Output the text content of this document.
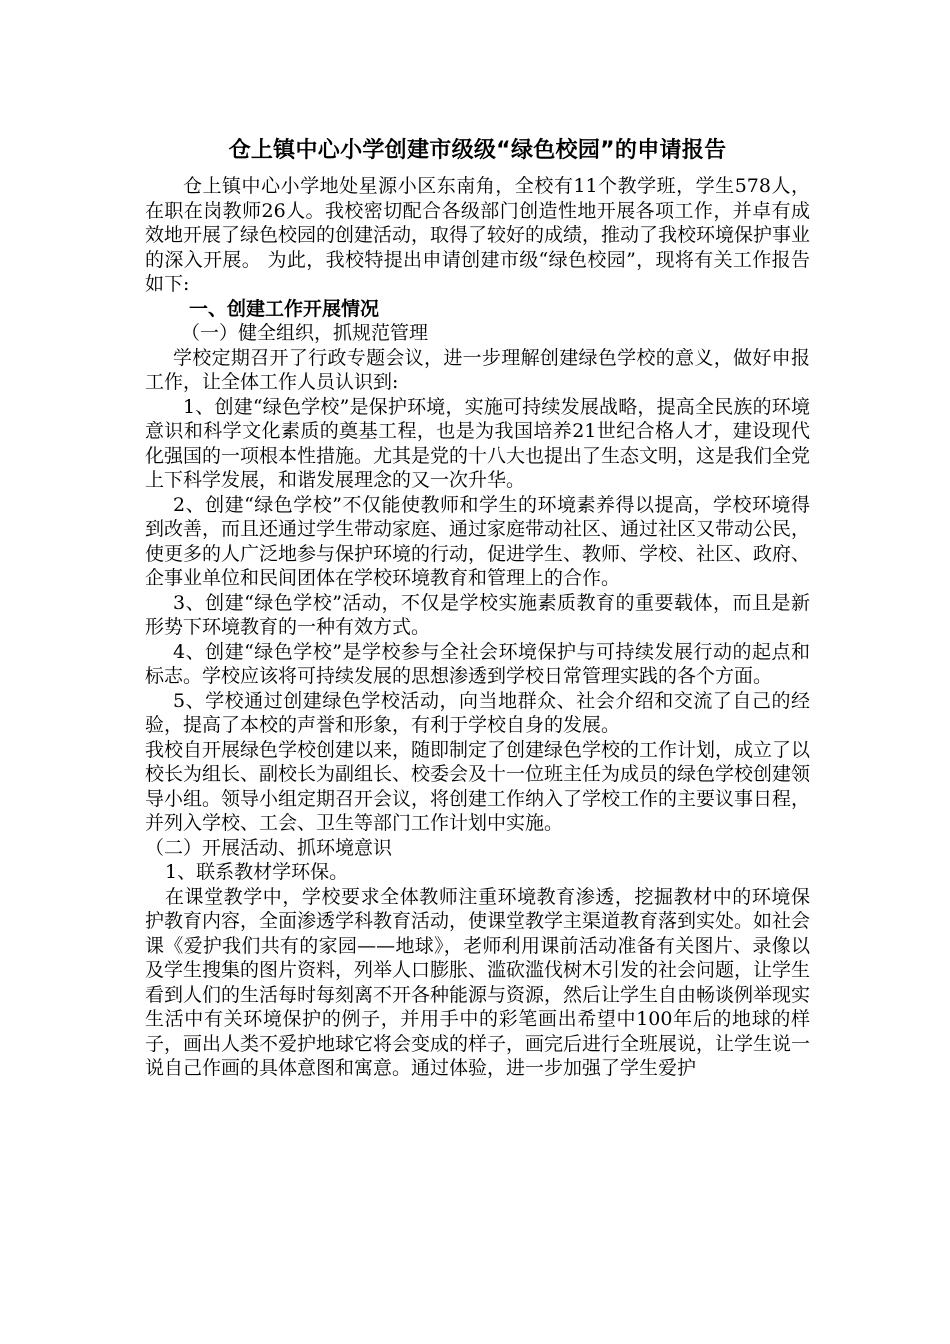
仓上镇中心小学创建市级级“绿色校园”的申请报告

仓上镇中心小学地处星源小区东南角，全校有11个教学班，学生578人，在职在岗教师26人。我校密切配合各级部门创造性地开展各项工作，并卓有成效地开展了绿色校园的创建活动，取得了较好的成绩，推动了我校环境保护事业的深入开展。 为此，我校特提出申请创建市级“绿色校园”，现将有关工作报告如下:

一、创建工作开展情况

（一）健全组织，抓规范管理

学校定期召开了行政专题会议，进一步理解创建绿色学校的意义，做好申报工作，让全体工作人员认识到:

1、创建“绿色学校”是保护环境，实施可持续发展战略，提高全民族的环境意识和科学文化素质的奠基工程，也是为我国培养21世纪合格人才，建设现代化强国的一项根本性措施。尤其是党的十八大也提出了生态文明，这是我们全党上下科学发展，和谐发展理念的又一次升华。

2、创建“绿色学校”不仅能使教师和学生的环境素养得以提高，学校环境得到改善，而且还通过学生带动家庭、通过家庭带动社区、通过社区又带动公民，使更多的人广泛地参与保护环境的行动，促进学生、教师、学校、社区、政府、企事业单位和民间团体在学校环境教育和管理上的合作。

3、创建“绿色学校”活动，不仅是学校实施素质教育的重要载体，而且是新形势下环境教育的一种有效方式。

4、创建“绿色学校”是学校参与全社会环境保护与可持续发展行动的起点和标志。学校应该将可持续发展的思想渗透到学校日常管理实践的各个方面。

5、学校通过创建绿色学校活动，向当地群众、社会介绍和交流了自己的经验，提高了本校的声誉和形象，有利于学校自身的发展。

我校自开展绿色学校创建以来，随即制定了创建绿色学校的工作计划，成立了以校长为组长、副校长为副组长、校委会及十一位班主任为成员的绿色学校创建领导小组。领导小组定期召开会议，将创建工作纳入了学校工作的主要议事日程，并列入学校、工会、卫生等部门工作计划中实施。

（二）开展活动、抓环境意识

1、联系教材学环保。

在课堂教学中，学校要求全体教师注重环境教育渗透，挖掘教材中的环境保护教育内容，全面渗透学科教育活动，使课堂教学主渠道教育落到实处。如社会课《爱护我们共有的家园——地球》，老师利用课前活动准备有关图片、录像以及学生搜集的图片资料，列举人口膨胀、滥砍滥伐树木引发的社会问题，让学生看到人们的生活每时每刻离不开各种能源与资源，然后让学生自由畅谈例举现实生活中有关环境保护的例子，并用手中的彩笔画出希望中100年后的地球的样子，画出人类不爱护地球它将会变成的样子，画完后进行全班展说，让学生说一说自己作画的具体意图和寓意。通过体验，进一步加强了学生爱护
